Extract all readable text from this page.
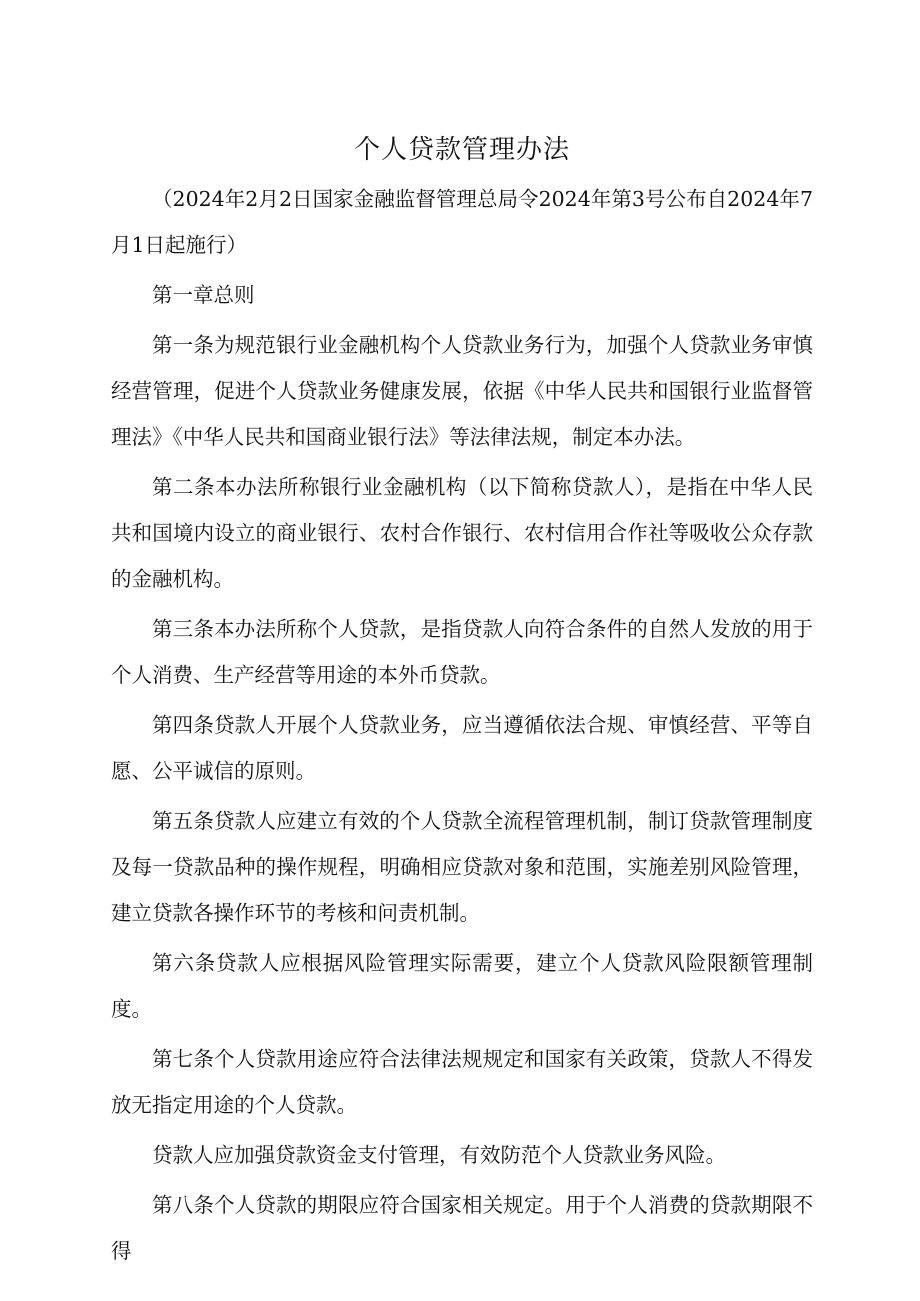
个人贷款管理办法

（2024年2月2日国家金融监督管理总局令2024年第3号公布自2024年7月1日起施行）

第一章总则

第一条为规范银行业金融机构个人贷款业务行为，加强个人贷款业务审慎经营管理，促进个人贷款业务健康发展，依据《中华人民共和国银行业监督管理法》《中华人民共和国商业银行法》等法律法规，制定本办法。

第二条本办法所称银行业金融机构（以下简称贷款人），是指在中华人民共和国境内设立的商业银行、农村合作银行、农村信用合作社等吸收公众存款的金融机构。

第三条本办法所称个人贷款，是指贷款人向符合条件的自然人发放的用于个人消费、生产经营等用途的本外币贷款。

第四条贷款人开展个人贷款业务，应当遵循依法合规、审慎经营、平等自愿、公平诚信的原则。

第五条贷款人应建立有效的个人贷款全流程管理机制，制订贷款管理制度及每一贷款品种的操作规程，明确相应贷款对象和范围，实施差别风险管理，建立贷款各操作环节的考核和问责机制。

第六条贷款人应根据风险管理实际需要，建立个人贷款风险限额管理制度。

第七条个人贷款用途应符合法律法规规定和国家有关政策，贷款人不得发放无指定用途的个人贷款。

贷款人应加强贷款资金支付管理，有效防范个人贷款业务风险。

第八条个人贷款的期限应符合国家相关规定。用于个人消费的贷款期限不得
